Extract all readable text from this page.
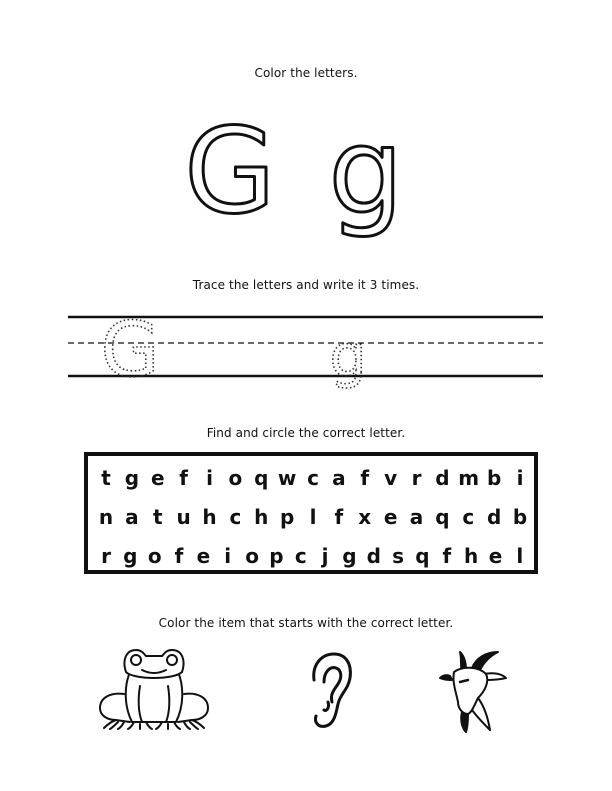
Color the letters.
G g
Trace the letters and write it 3 times.
G	g
Find and circle the correct letter.
t g e f i o q w c a f v r d m b i
n a t u h c h p l f x e a q c d b
r g o f e i o p c j g d s q f h e l
Color the item that starts with the correct letter.
